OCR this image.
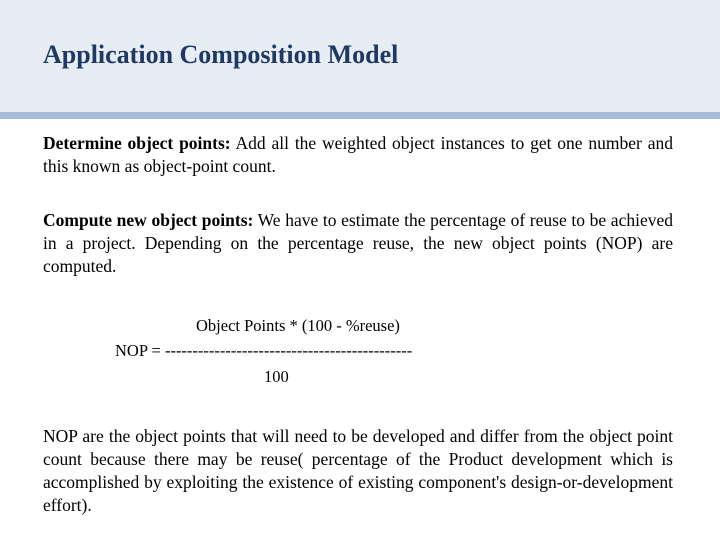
Application Composition Model

Determine object points: Add all the weighted object instances to get one number and this known as object-point count.

Compute new object points: We have to estimate the percentage of reuse to be achieved in a project. Depending on the percentage reuse, the new object points (NOP) are computed.

Object Points * (100 - %reuse)

NOP = ---------------------------------------------

100

NOP are the object points that will need to be developed and differ from the object point count because there may be reuse( percentage of the Product development which is accomplished by exploiting the existence of existing component's design-or-development effort).
